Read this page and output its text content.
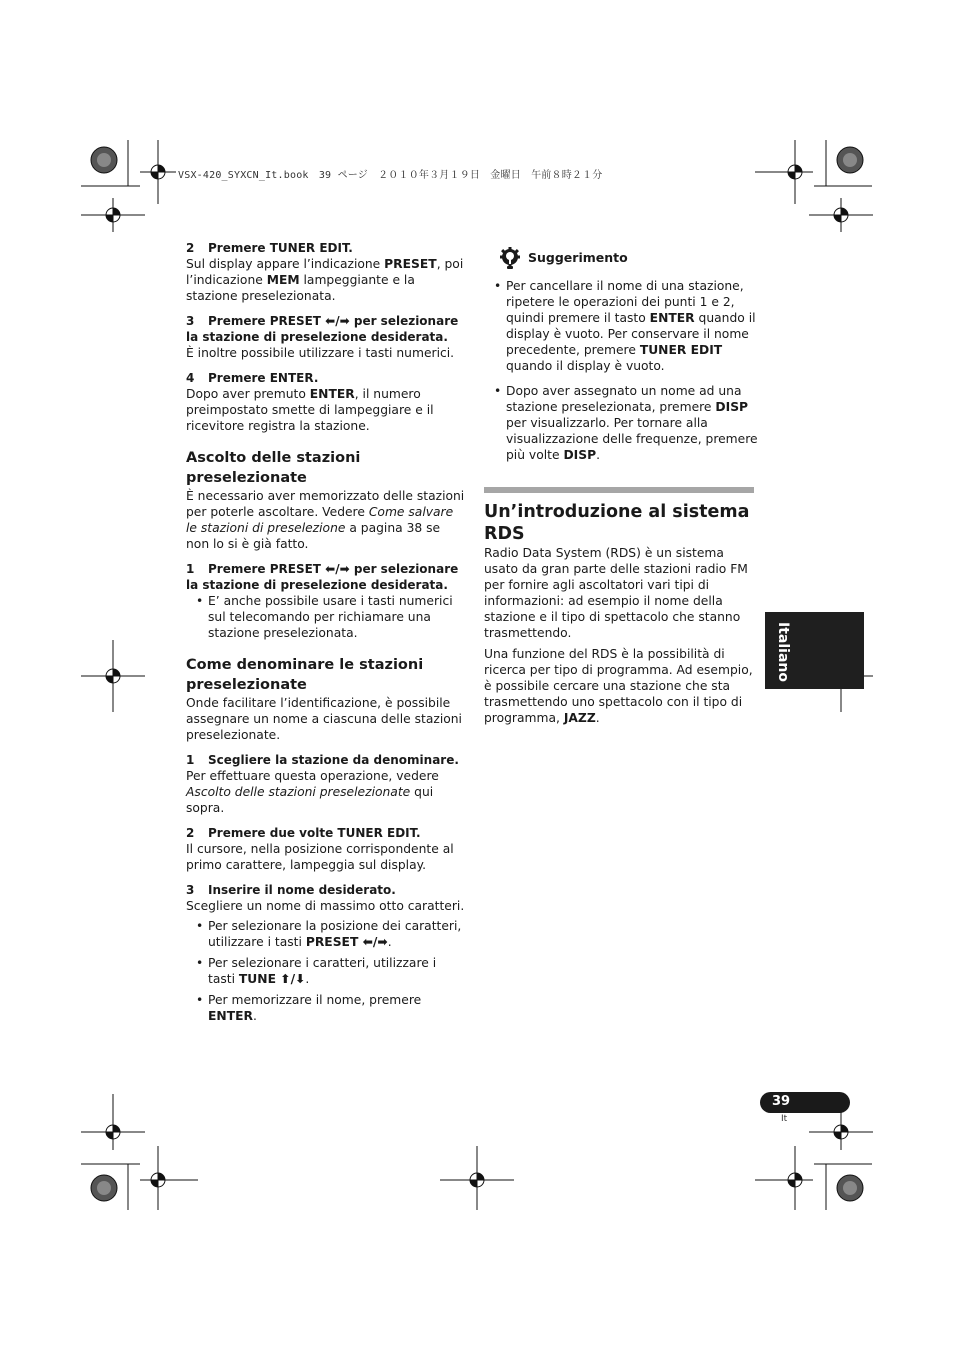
VSX-420_SYXCN_It.book　39 ページ　２０１０年３月１９日　金曜日　午前８時２１分

2 Premere TUNER EDIT.

Sul display appare l’indicazione PRESET, poi l’indicazione MEM lampeggiante e la stazione preselezionata.

3 Premere PRESET ⬅/➡ per selezionare la stazione di preselezione desiderata.

È inoltre possibile utilizzare i tasti numerici.

4 Premere ENTER.

Dopo aver premuto ENTER, il numero preimpostato smette di lampeggiare e il ricevitore registra la stazione.

Ascolto delle stazioni preselezionate

È necessario aver memorizzato delle stazioni per poterle ascoltare. Vedere Come salvare le stazioni di preselezione a pagina 38 se non lo si è già fatto.

1 Premere PRESET ⬅/➡ per selezionare la stazione di preselezione desiderata.

• E’ anche possibile usare i tasti numerici sul telecomando per richiamare una stazione preselezionata.
Come denominare le stazioni preselezionate

Onde facilitare l’identificazione, è possibile assegnare un nome a ciascuna delle stazioni preselezionate.

1 Scegliere la stazione da denominare.

Per effettuare questa operazione, vedere Ascolto delle stazioni preselezionate qui sopra.

2 Premere due volte TUNER EDIT.

Il cursore, nella posizione corrispondente al primo carattere, lampeggia sul display.

3 Inserire il nome desiderato.

Scegliere un nome di massimo otto caratteri.

• Per selezionare la posizione dei caratteri, utilizzare i tasti PRESET ⬅/➡.
• Per selezionare i caratteri, utilizzare i tasti TUNE ⬆/⬇.
• Per memorizzare il nome, premere ENTER.
Suggerimento
• Per cancellare il nome di una stazione, ripetere le operazioni dei punti 1 e 2, quindi premere il tasto ENTER quando il display è vuoto. Per conservare il nome precedente, premere TUNER EDIT quando il display è vuoto.
• Dopo aver assegnato un nome ad una stazione preselezionata, premere DISP per visualizzarlo. Per tornare alla visualizzazione delle frequenze, premere più volte DISP.
Un’introduzione al sistema RDS

Radio Data System (RDS) è un sistema usato da gran parte delle stazioni radio FM per fornire agli ascoltatori vari tipi di informazioni: ad esempio il nome della stazione e il tipo di spettacolo che stanno trasmettendo.

Una funzione del RDS è la possibilità di ricerca per tipo di programma. Ad esempio, è possibile cercare una stazione che sta trasmettendo uno spettacolo con il tipo di programma, JAZZ.

Italiano
39
It
